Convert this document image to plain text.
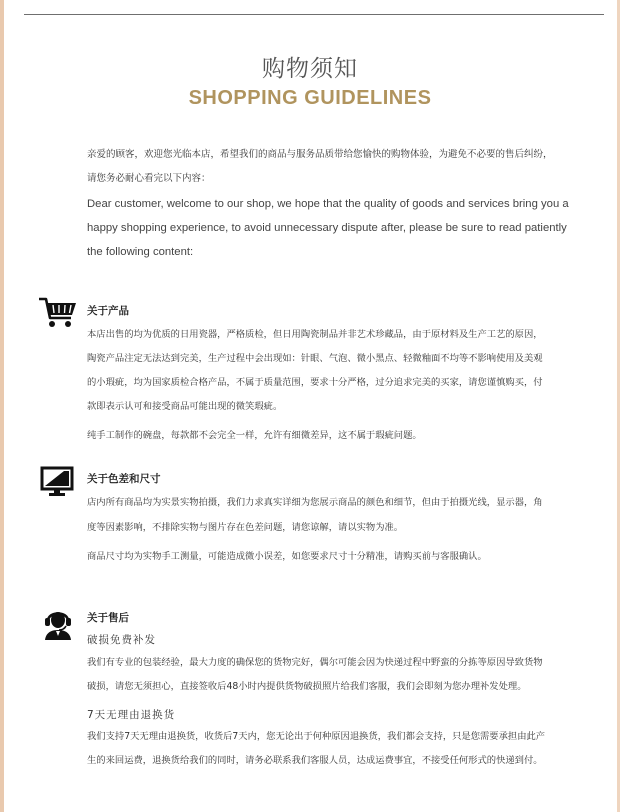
购物须知
SHOPPING GUIDELINES
亲爱的顾客，欢迎您光临本店，希望我们的商品与服务品质带给您愉快的购物体验，为避免不必要的售后纠纷，
请您务必耐心看完以下内容：
Dear customer, welcome to our shop, we hope that the quality of goods and services bring you a
happy shopping experience, to avoid unnecessary dispute after, please be sure to read patiently
the following content:
关于产品
本店出售的均为优质的日用瓷器，严格质检，但日用陶瓷制品并非艺术珍藏品，由于原材料及生产工艺的原因，
陶瓷产品注定无法达到完美，生产过程中会出现如：针眼、气泡、微小黑点、轻微釉面不均等不影响使用及美观
的小瑕疵，均为国家质检合格产品，不属于质量范围，要求十分严格，过分追求完美的买家，请您谨慎购买，付
款即表示认可和接受商品可能出现的微笑瑕疵。
纯手工制作的碗盘，每款都不会完全一样，允许有细微差异，这不属于瑕疵问题。
关于色差和尺寸
店内所有商品均为实景实物拍摄，我们力求真实详细为您展示商品的颜色和细节，但由于拍摄光线，显示器，角
度等因素影响，不排除实物与图片存在色差问题，请您谅解，请以实物为准。
商品尺寸均为实物手工测量，可能造成微小误差，如您要求尺寸十分精准，请购买前与客服确认。
关于售后
破损免费补发
我们有专业的包装经验，最大力度的确保您的货物完好，偶尔可能会因为快递过程中野蛮的分拣等原因导致货物
破损，请您无须担心，直接签收后48小时内提供货物破损照片给我们客服，我们会即刻为您办理补发处理。
7天无理由退换货
我们支持7天无理由退换货，收货后7天内，您无论出于何种原因退换货，我们都会支持，只是您需要承担由此产
生的来回运费，退换货给我们的同时，请务必联系我们客服人员，达成运费事宜，不接受任何形式的快递到付。
